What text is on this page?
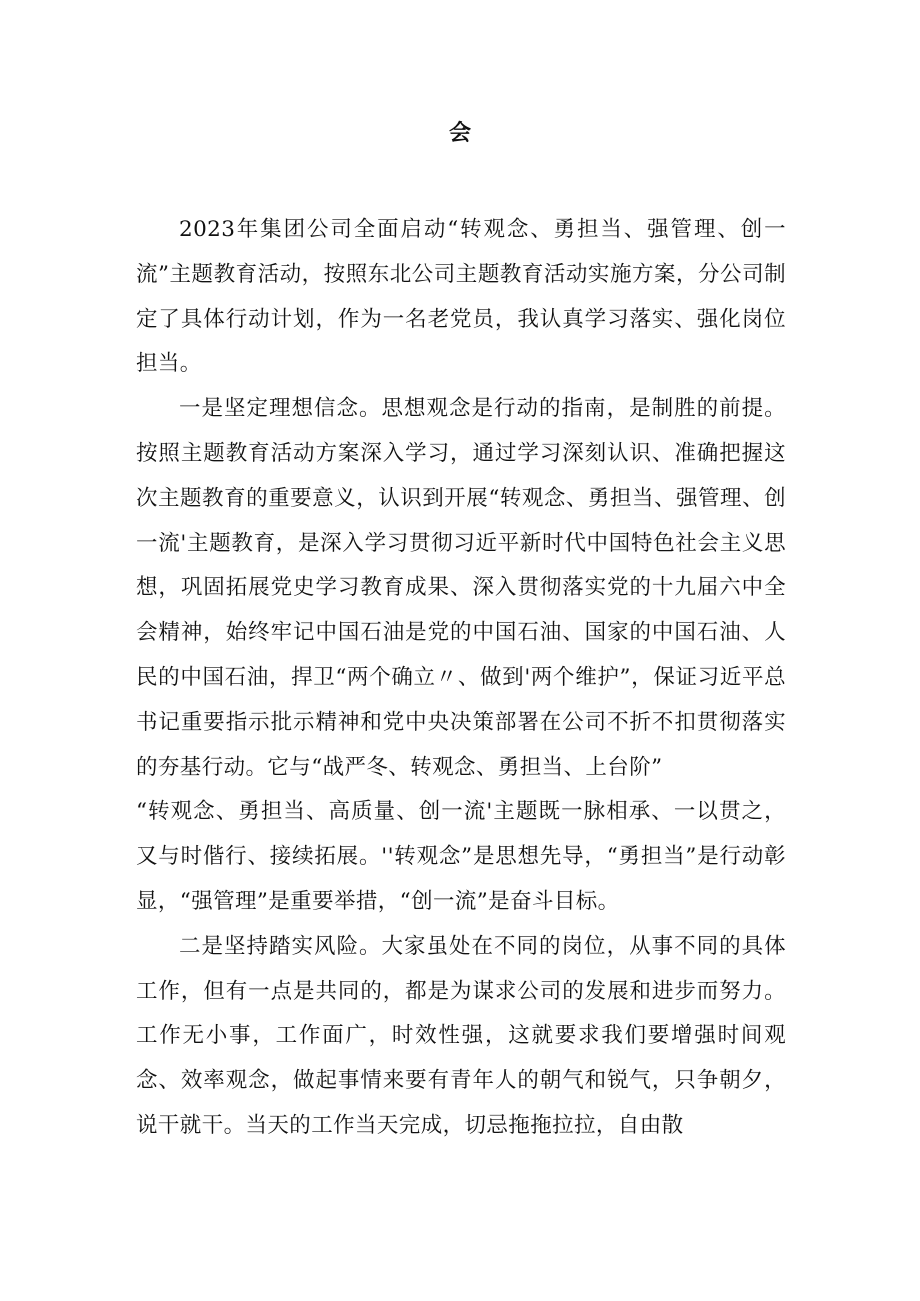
会

2023年集团公司全面启动“转观念、勇担当、强管理、创一流”主题教育活动，按照东北公司主题教育活动实施方案，分公司制定了具体行动计划，作为一名老党员，我认真学习落实、强化岗位担当。

一是坚定理想信念。思想观念是行动的指南，是制胜的前提。按照主题教育活动方案深入学习，通过学习深刻认识、准确把握这次主题教育的重要意义，认识到开展“转观念、勇担当、强管理、创一流'主题教育，是深入学习贯彻习近平新时代中国特色社会主义思想，巩固拓展党史学习教育成果、深入贯彻落实党的十九届六中全会精神，始终牢记中国石油是党的中国石油、国家的中国石油、人民的中国石油，捍卫“两个确立〃、做到'两个维护”，保证习近平总书记重要指示批示精神和党中央决策部署在公司不折不扣贯彻落实的夯基行动。它与“战严冬、转观念、勇担当、上台阶”

“转观念、勇担当、高质量、创一流'主题既一脉相承、一以贯之，又与时偕行、接续拓展。''转观念”是思想先导，“勇担当”是行动彰显，“强管理”是重要举措，“创一流”是奋斗目标。

二是坚持踏实风险。大家虽处在不同的岗位，从事不同的具体工作，但有一点是共同的，都是为谋求公司的发展和进步而努力。工作无小事，工作面广，时效性强，这就要求我们要增强时间观念、效率观念，做起事情来要有青年人的朝气和锐气，只争朝夕，说干就干。当天的工作当天完成，切忌拖拖拉拉，自由散
